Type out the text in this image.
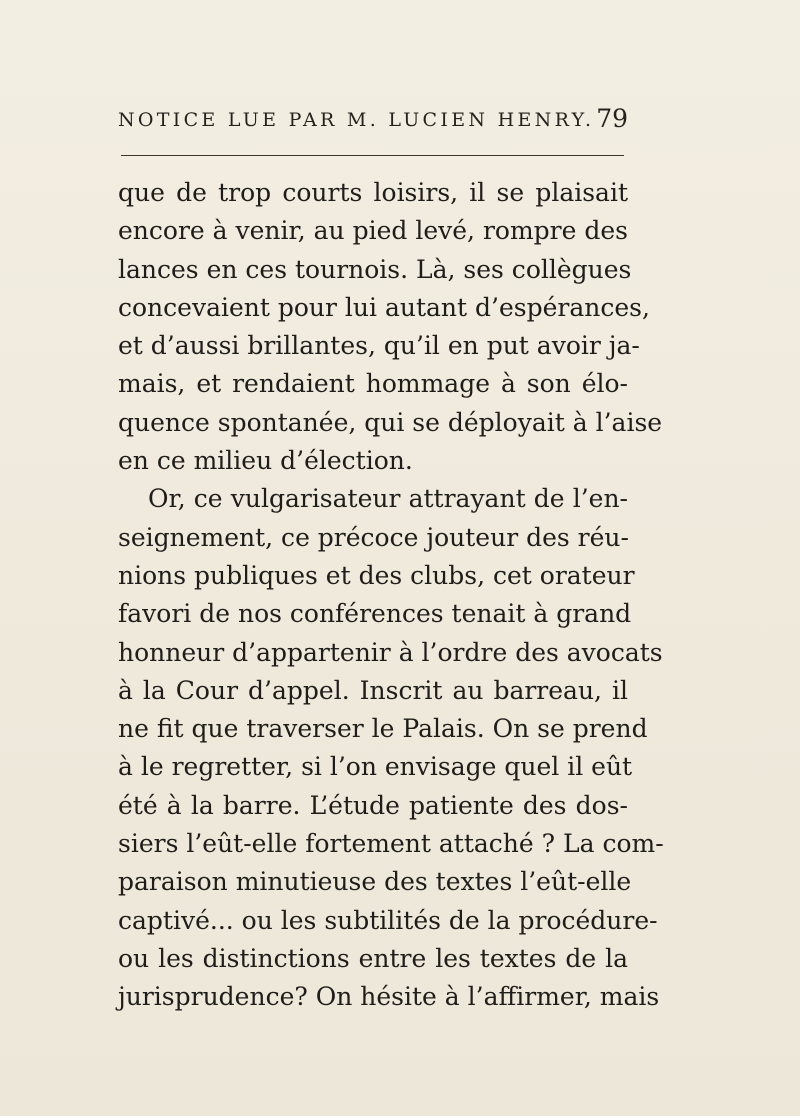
NOTICE LUE PAR M. LUCIEN HENRY. 79
que de trop courts loisirs, il se plaisait
encore à venir, au pied levé, rompre des
lances en ces tournois. Là, ses collègues
concevaient pour lui autant d’espérances,
et d’aussi brillantes, qu’il en put avoir ja-
mais, et rendaient hommage à son élo-
quence spontanée, qui se déployait à l’aise
en ce milieu d’élection.
Or, ce vulgarisateur attrayant de l’en-
seignement, ce précoce jouteur des réu-
nions publiques et des clubs, cet orateur
favori de nos conférences tenait à grand
honneur d’appartenir à l’ordre des avocats
à la Cour d’appel. Inscrit au barreau, il
ne fit que traverser le Palais. On se prend
à le regretter, si l’on envisage quel il eût
été à la barre. L’étude patiente des dos-
siers l’eût-elle fortement attaché ? La com-
paraison minutieuse des textes l’eût-elle
captivé... ou les subtilités de la procédure-
ou les distinctions entre les textes de la
jurisprudence? On hésite à l’affirmer, mais
